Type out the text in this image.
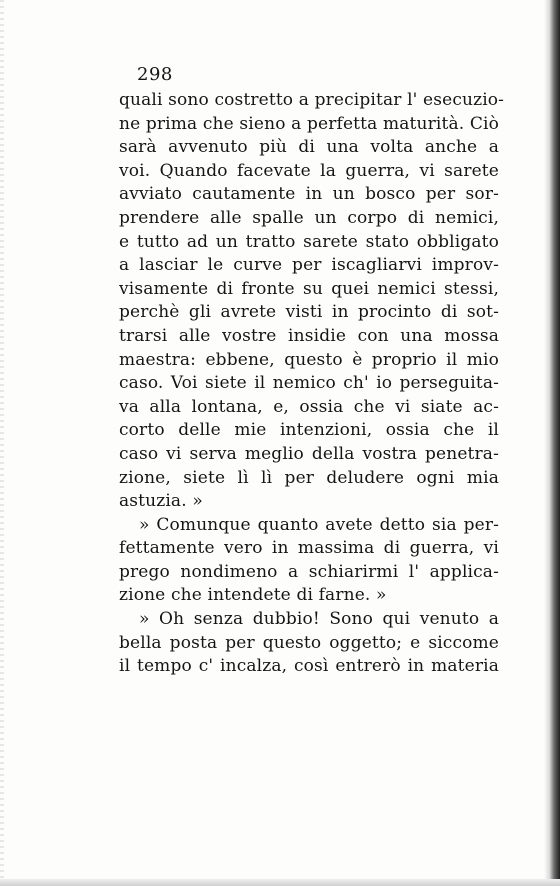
298
quali sono costretto a precipitar l' esecuzio-
ne prima che sieno a perfetta maturità. Ciò
sarà avvenuto più di una volta anche a
voi. Quando facevate la guerra, vi sarete
avviato cautamente in un bosco per sor-
prendere alle spalle un corpo di nemici,
e tutto ad un tratto sarete stato obbligato
a lasciar le curve per iscagliarvi improv-
visamente di fronte su quei nemici stessi,
perchè gli avrete visti in procinto di sot-
trarsi alle vostre insidie con una mossa
maestra: ebbene, questo è proprio il mio
caso. Voi siete il nemico ch' io perseguita-
va alla lontana, e, ossia che vi siate ac-
corto delle mie intenzioni, ossia che il
caso vi serva meglio della vostra penetra-
zione, siete lì lì per deludere ogni mia
astuzia. »
» Comunque quanto avete detto sia per-
fettamente vero in massima di guerra, vi
prego nondimeno a schiarirmi l' applica-
zione che intendete di farne. »
» Oh senza dubbio! Sono qui venuto a
bella posta per questo oggetto; e siccome
il tempo c' incalza, così entrerò in materia
